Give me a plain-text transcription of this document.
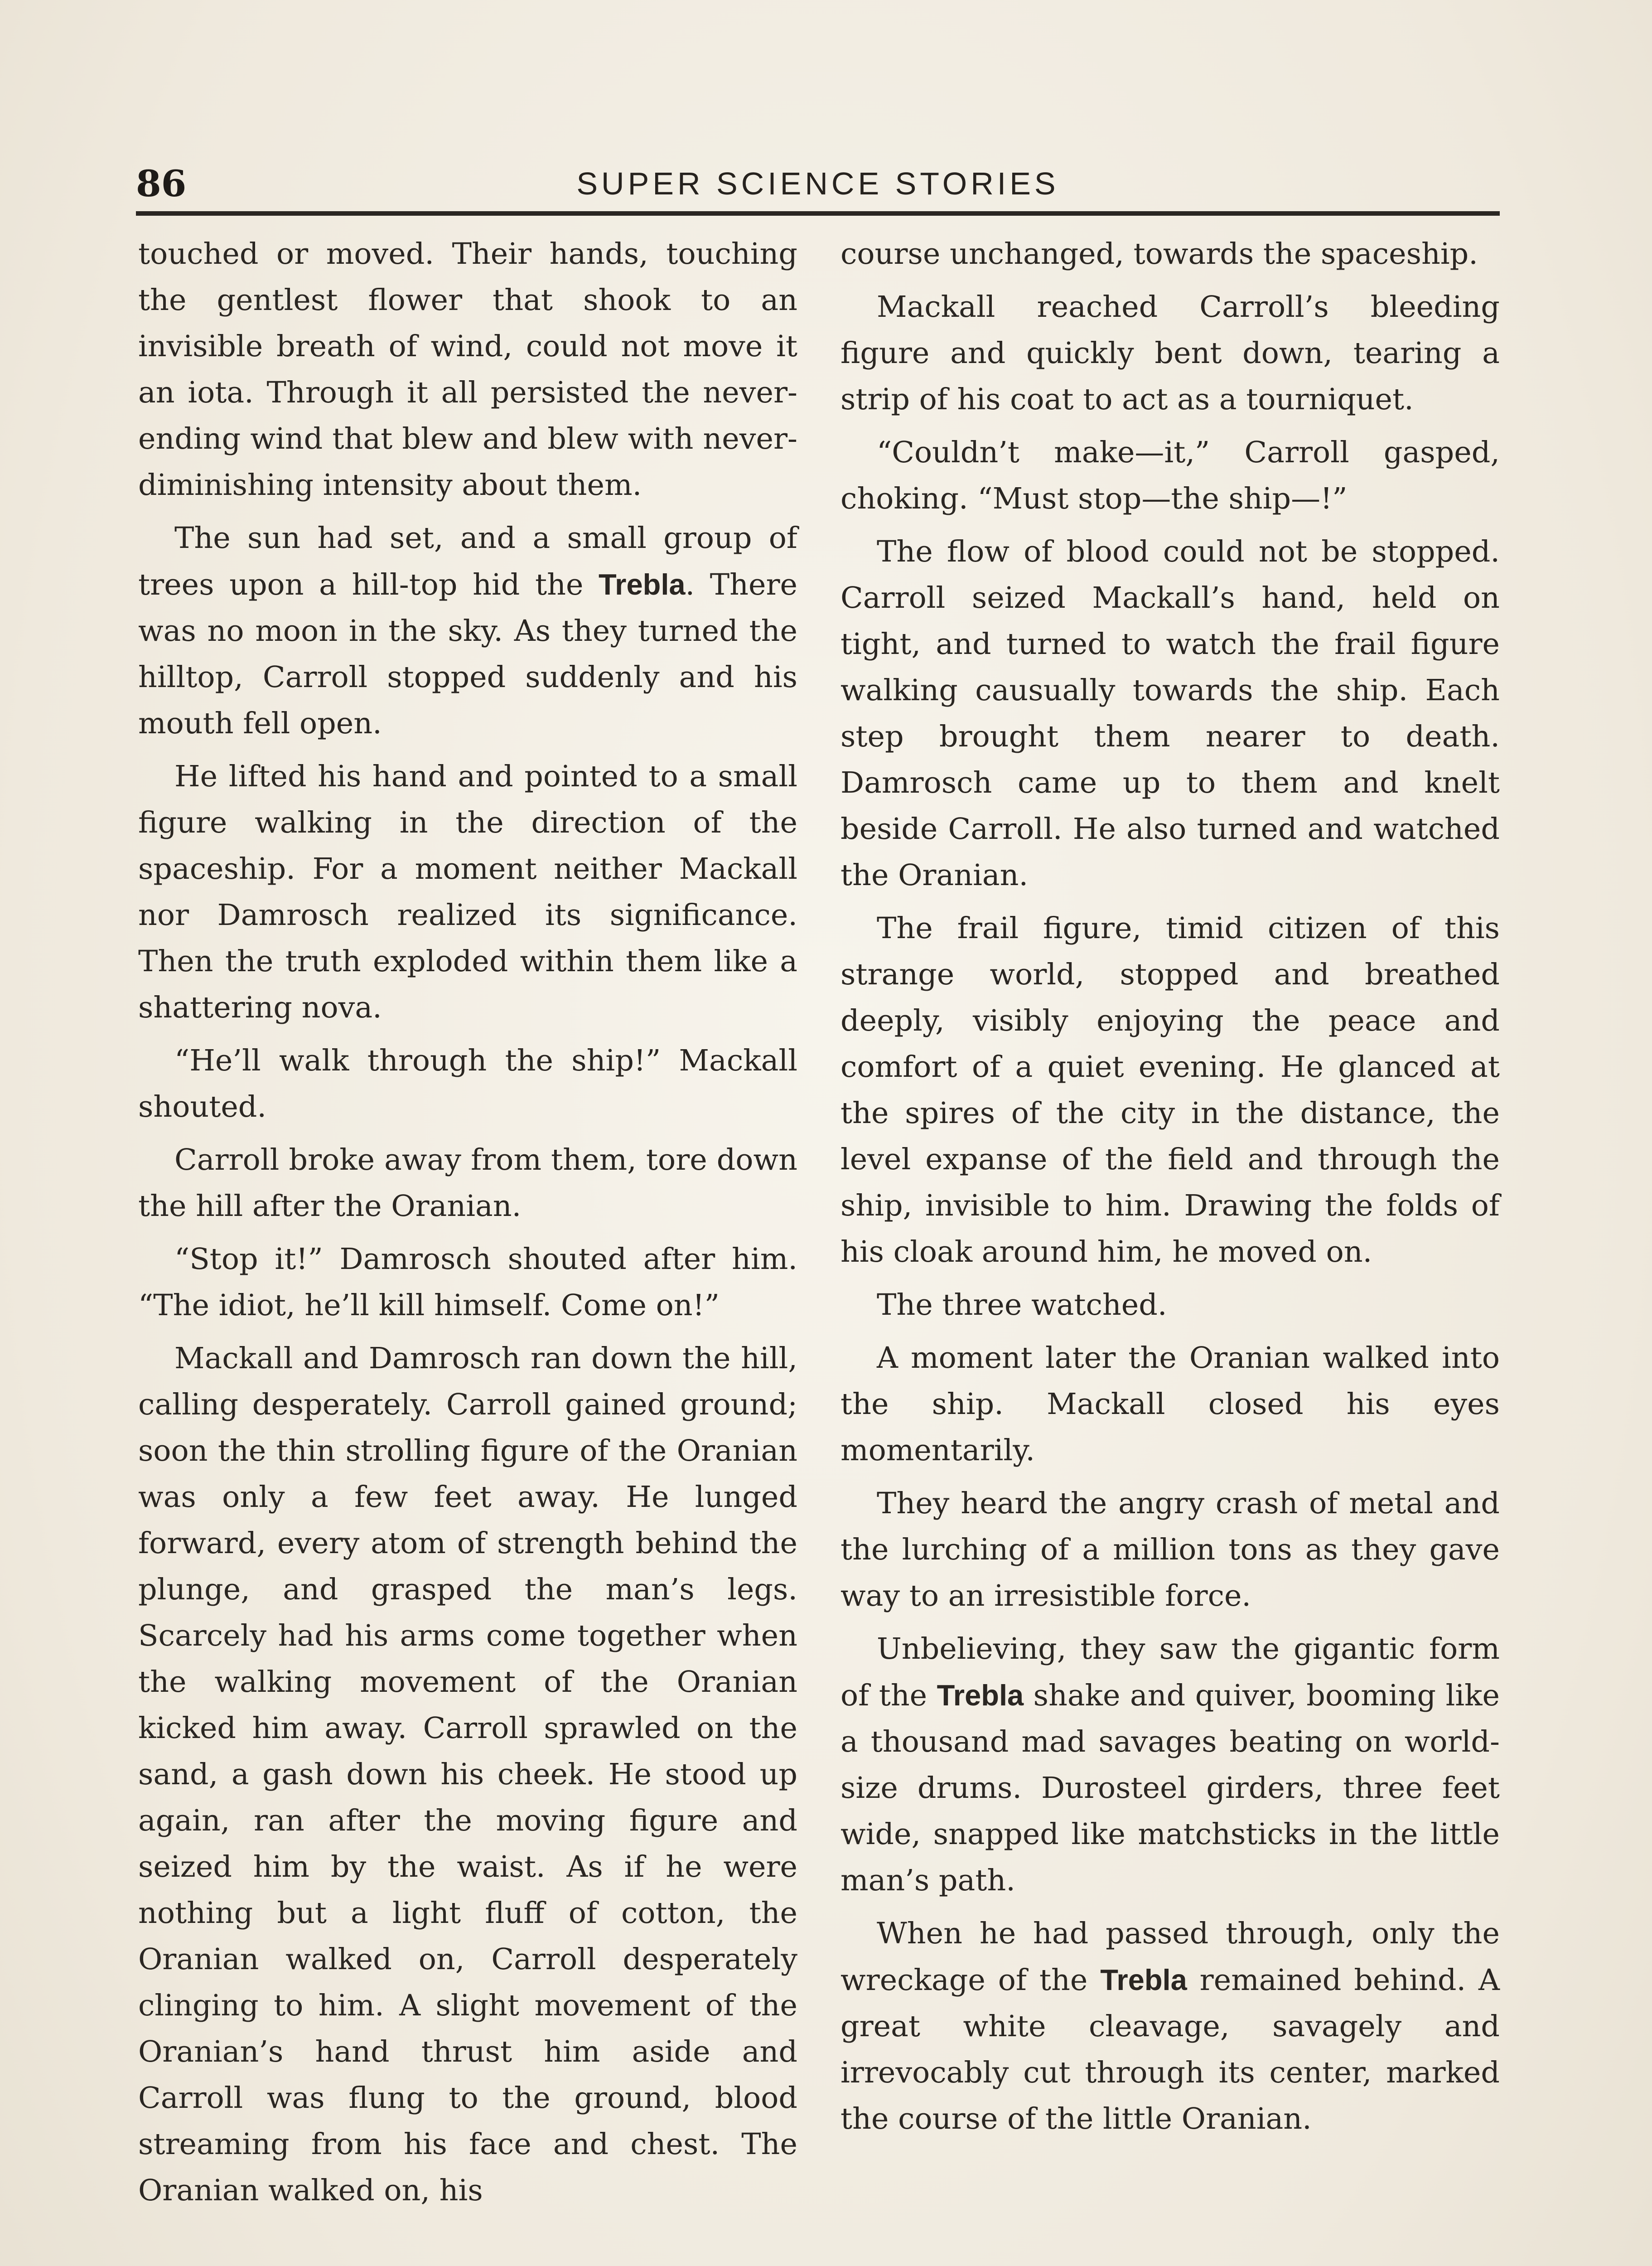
86	SUPER SCIENCE STORIES

touched or moved. Their hands, touching the gentlest flower that shook to an invisible breath of wind, could not move it an iota. Through it all persisted the never-ending wind that blew and blew with never-diminishing intensity about them.

The sun had set, and a small group of trees upon a hill-top hid the Trebla. There was no moon in the sky. As they turned the hilltop, Carroll stopped suddenly and his mouth fell open.

He lifted his hand and pointed to a small figure walking in the direction of the spaceship. For a moment neither Mackall nor Damrosch realized its significance. Then the truth exploded within them like a shattering nova.

“He’ll walk through the ship!” Mackall shouted.

Carroll broke away from them, tore down the hill after the Oranian.

“Stop it!” Damrosch shouted after him. “The idiot, he’ll kill himself. Come on!”

Mackall and Damrosch ran down the hill, calling desperately. Carroll gained ground; soon the thin strolling figure of the Oranian was only a few feet away. He lunged forward, every atom of strength behind the plunge, and grasped the man’s legs. Scarcely had his arms come together when the walking movement of the Oranian kicked him away. Carroll sprawled on the sand, a gash down his cheek. He stood up again, ran after the moving figure and seized him by the waist. As if he were nothing but a light fluff of cotton, the Oranian walked on, Carroll desperately clinging to him. A slight movement of the Oranian’s hand thrust him aside and Carroll was flung to the ground, blood streaming from his face and chest. The Oranian walked on, his

course unchanged, towards the spaceship.

Mackall reached Carroll’s bleeding figure and quickly bent down, tearing a strip of his coat to act as a tourniquet.

“Couldn’t make—it,” Carroll gasped, choking. “Must stop—the ship—!”

The flow of blood could not be stopped. Carroll seized Mackall’s hand, held on tight, and turned to watch the frail figure walking causually towards the ship. Each step brought them nearer to death. Damrosch came up to them and knelt beside Carroll. He also turned and watched the Oranian.

The frail figure, timid citizen of this strange world, stopped and breathed deeply, visibly enjoying the peace and comfort of a quiet evening. He glanced at the spires of the city in the distance, the level expanse of the field and through the ship, invisible to him. Drawing the folds of his cloak around him, he moved on.

The three watched.

A moment later the Oranian walked into the ship. Mackall closed his eyes momentarily.

They heard the angry crash of metal and the lurching of a million tons as they gave way to an irresistible force.

Unbelieving, they saw the gigantic form of the Trebla shake and quiver, booming like a thousand mad savages beating on world-size drums. Durosteel girders, three feet wide, snapped like matchsticks in the little man’s path.

When he had passed through, only the wreckage of the Trebla remained behind. A great white cleavage, savagely and irrevocably cut through its center, marked the course of the little Oranian.
